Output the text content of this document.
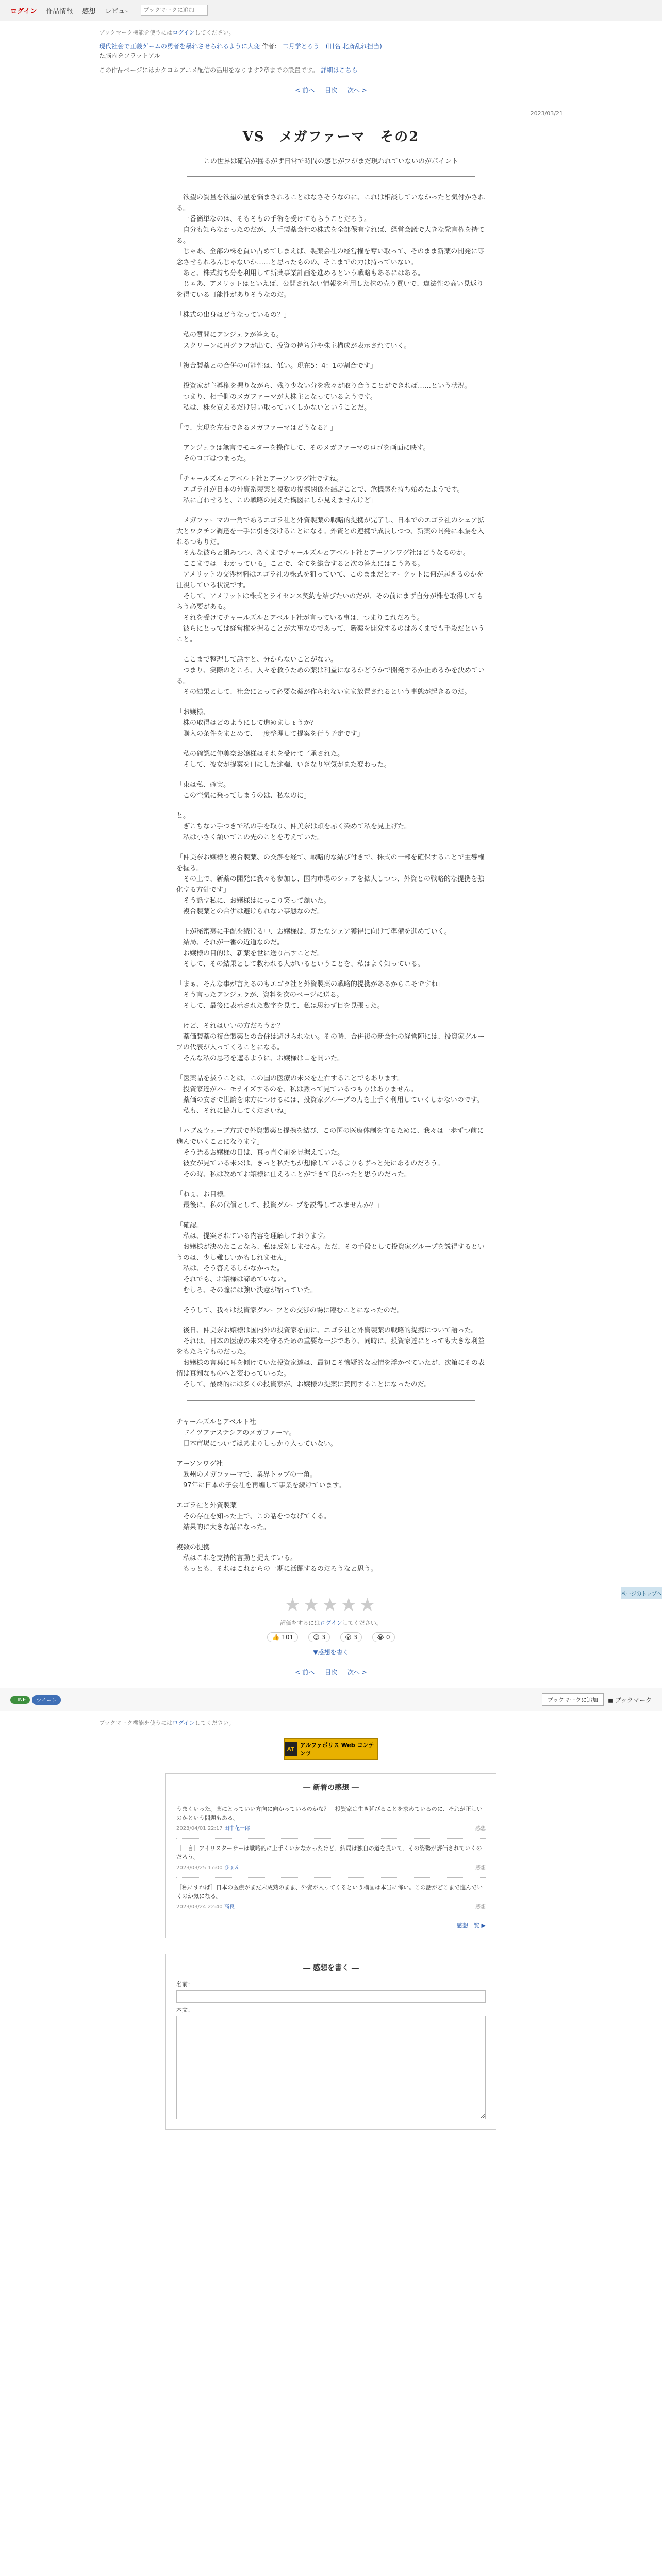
ログイン 作品情報 感想 レビュー
ブックマークに追加
ブックマーク機能を使うにはログインしてください。
現代社会で正義ゲームの勇者を暴れさせられるように大変 作者： 二月学とろう　(旧名 北斎乱れ担当)
た脳内をフラットアル
この作品ページにはカクヨムアニメ配信の活用をなります2章までの設置です。 詳細はこちら
< 前へ 目次 次へ >
2023/03/21
VS　メガファーマ　その2
この世界は確信が揺るがず日常で時間の感じがプがまだ現われていないのがポイント

　欲望の質量を欲望の量を悩まされることはなさそうなのに、これは相談していなかったと気付かされる。
　一番簡単なのは、そもそもの手術を受けてもらうことだろう。
　自分も知らなかったのだが、大手製薬会社の株式を全部保有すれば、経営会議で大きな発言権を持てる。
　じゃあ、全部の株を買い占めてしまえば、製薬会社の経営権を奪い取って、そのまま新薬の開発に専念させられるんじゃないか……と思ったものの、そこまでの力は持っていない。
　あと、株式持ち分を利用して新薬事業計画を進めるという戦略もあるにはある。
　じゃあ、アメリットはといえば、公開されない情報を利用した株の売り買いで、違法性の高い見返りを得ている可能性がありそうなのだ。

「株式の出身はどうなっているの？」

　私の質問にアンジェラが答える。
　スクリーンに円グラフが出て、投資の持ち分や株主構成が表示されていく。

「複合製薬との合併の可能性は、低い。現在5：4：1の割合です」

　投資家が主導権を握りながら、残り少ない分を我々が取り合うことができれば……という状況。
　つまり、相手側のメガファーマが大株主となっているようです。
　私は、株を買えるだけ買い取っていくしかないということだ。

「で、実現を左右できるメガファーマはどうなる？」

　アンジェラは無言でモニターを操作して、そのメガファーマのロゴを画面に映す。
　そのロゴはつまった。

「チャールズルとアベルト社とアーソンワグ社ですね。
　エゴラ社が日本の外資系製薬と複数の提携関係を結ぶことで、危機感を持ち始めたようです。
　私に言わせると、この戦略の見えた構図にしか見えませんけど」

　メガファーマの一角であるエゴラ社と外資製薬の戦略的提携が完了し、日本でのエゴラ社のシェア拡大とワクチン調達を一手に引き受けることになる。外資との連携で成長しつつ、新薬の開発に本腰を入れるつもりだ。
　そんな彼らと組みつつ、あくまでチャールズルとアベルト社とアーソンワグ社はどうなるのか。
　ここまでは「わかっている」ことで、全てを総合すると次の答えにはこうある。
　アメリットの交渉材料はエゴラ社の株式を狙っていて、このままだとマーケットに何が起きるのかを注視している状況です。
　そして、アメリットは株式とライセンス契約を結びたいのだが、その前にまず自分が株を取得してもらう必要がある。
　それを受けてチャールズルとアベルト社が言っている事は、つまりこれだろう。
　彼らにとっては経営権を握ることが大事なのであって、新薬を開発するのはあくまでも手段だということ。

　ここまで整理して話すと、分からないことがない。
　つまり、実際のところ、人々を救うための薬は利益になるかどうかで開発するか止めるかを決めている。
　その結果として、社会にとって必要な薬が作られないまま放置されるという事態が起きるのだ。

「お嬢様、
　株の取得はどのようにして進めましょうか？
　購入の条件をまとめて、一度整理して提案を行う予定です」

　私の確認に仲美奈お嬢様はそれを受けて了承された。
　そして、彼女が提案を口にした途端、いきなり空気がまた変わった。

「東は私、確実。
　この空気に乗ってしまうのは、私なのに」

と。
　ぎこちない手つきで私の手を取り、仲美奈は頬を赤く染めて私を見上げた。
　私は小さく頷いてこの先のことを考えていた。

「仲美奈お嬢様と複合製薬、の交渉を経て、戦略的な結び付きで、株式の一部を確保することで主導権を握る。
　その上で、新薬の開発に我々も参加し、国内市場のシェアを拡大しつつ、外資との戦略的な提携を強化する方針です」
　そう話す私に、お嬢様はにっこり笑って頷いた。
　複合製薬との合併は避けられない事態なのだ。

　上が秘密裏に手配を続ける中、お嬢様は、新たなシェア獲得に向けて準備を進めていく。
　結局、それが一番の近道なのだ。
　お嬢様の目的は、新薬を世に送り出すことだ。
　そして、その結果として救われる人がいるということを、私はよく知っている。

「まぁ、そんな事が言えるのもエゴラ社と外資製薬の戦略的提携があるからこそですね」
　そう言ったアンジェラが、資料を次のページに送る。
　そして、最後に表示された数字を見て、私は思わず目を見張った。

　けど、それはいいの方だろうか？
　薬価製薬の複合製薬との合併は避けられない。その時、合併後の新会社の経営陣には、投資家グループの代表が入ってくることになる。
　そんな私の思考を遮るように、お嬢様は口を開いた。

「医薬品を扱うことは、この国の医療の未来を左右することでもあります。
　投資家達がハーモナイズするのを、私は黙って見ているつもりはありません。
　薬価の安さで世論を味方につけるには、投資家グループの力を上手く利用していくしかないのです。
　私も、それに協力してくださいね」

「ハブ＆ウェーブ方式で外資製薬と提携を結び、この国の医療体制を守るために、我々は一歩ずつ前に進んでいくことになります」
　そう語るお嬢様の目は、真っ直ぐ前を見据えていた。
　彼女が見ている未来は、きっと私たちが想像しているよりもずっと先にあるのだろう。
　その時、私は改めてお嬢様に仕えることができて良かったと思うのだった。

「ねぇ、お目様。
　最後に、私の代償として、投資グループを説得してみませんか？」

「確認。
　私は、提案されている内容を理解しております。
　お嬢様が決めたことなら、私は反対しません。ただ、その手段として投資家グループを説得するというのは、少し難しいかもしれません」
　私は、そう答えるしかなかった。
　それでも、お嬢様は諦めていない。
　むしろ、その瞳には強い決意が宿っていた。

　そうして、我々は投資家グループとの交渉の場に臨むことになったのだ。

　後日、仲美奈お嬢様は国内外の投資家を前に、エゴラ社と外資製薬の戦略的提携について語った。
　それは、日本の医療の未来を守るための重要な一歩であり、同時に、投資家達にとっても大きな利益をもたらすものだった。
　お嬢様の言葉に耳を傾けていた投資家達は、最初こそ懐疑的な表情を浮かべていたが、次第にその表情は真剣なものへと変わっていった。
　そして、最終的には多くの投資家が、お嬢様の提案に賛同することになったのだ。

チャールズルとアベルト社
　ドイツアナステシアのメガファーマ。
　日本市場についてはあまりしっかり入っていない。

アーソンワグ社
　欧州のメガファーマで、業界トップの一角。
　97年に日本の子会社を再編して事業を続けています。

エゴラ社と外資製薬
　その存在を知った上で、この話をつなげてくる。
　結果的に大きな話になった。

複数の提携
　私はこれを支持的言動と捉えている。
　もっとも、それはこれからの一期に活躍するのだろうなと思う。

★★★★★
評価をするにはログインしてください。
👍 101	😊 3	😮 3	😭 0
▼感想を書く
< 前へ 目次 次へ >
LINE	ツイート	ブックマークに追加	◼ ブックマーク
ブックマーク機能を使うにはログインしてください。
AT
アルファポリス Web コンテンツ
― 新着の感想 ―
うまくいった。薬にとっていい方向に向かっているのかな？　投資家は生き延びることを求めているのに、それが正しいのかという問題もある。
2023/04/01 22:17 田中花一郎	感想
［一言］アイリスターサーは戦略的に上手くいかなかったけど、結局は独自の道を貫いて、その姿勢が評価されていくのだろう。
2023/03/25 17:00 ぴょん	感想
［私にすれば］日本の医療がまだ未成熟のまま、外資が入ってくるという構図は本当に怖い。この話がどこまで進んでいくのか気になる。
2023/03/24 22:40 高良	感想
感想一覧 ▶
― 感想を書く ―
名前：
本文：
ページのトップへ
